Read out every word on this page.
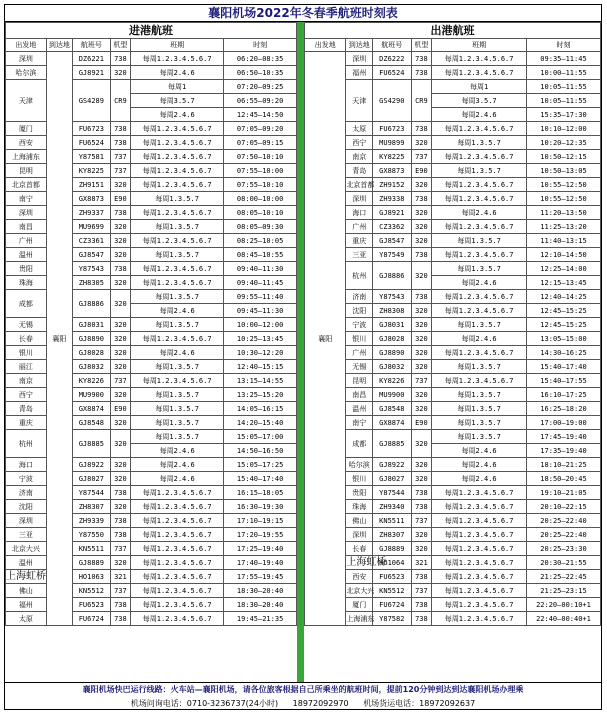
襄阳机场2022年冬春季航班时刻表
进港航班					
出发地	到达地	航班号	机型	班期	时刻
深圳	襄阳	DZ6221	738	每周1.2.3.4.5.6.7	06:20—08:35
哈尔滨		GJ8921	320	每周2.4.6	06:50—10:35
天津		GS4289	CR9	每周1	07:20—09:25
				每周3.5.7	06:55—09:20
				每周2.4.6	12:45—14:50
厦门		FU6723	738	每周1.2.3.4.5.6.7	07:05—09:20
西安		FU6524	738	每周1.2.3.4.5.6.7	07:05—09:15
上海浦东		Y87581	737	每周1.2.3.4.5.6.7	07:50—10:10
昆明		KY8225	737	每周1.2.3.4.5.6.7	07:55—10:00
北京首都		ZH9151	320	每周1.2.3.4.5.6.7	07:55—10:10
南宁		GX8873	E90	每周1.3.5.7	08:00—10:00
深圳		ZH9337	738	每周1.2.3.4.5.6.7	08:05—10:10
南昌		MU9699	320	每周1.3.5.7	08:05—09:30
广州		CZ3361	320	每周1.2.3.4.5.6.7	08:25—10:05
温州		GJ8547	320	每周1.3.5.7	08:45—10:55
贵阳		Y87543	738	每周1.2.3.4.5.6.7	09:40—11:30
珠海		ZH8305	320	每周1.2.3.4.5.6.7	09:40—11:45
成都		GJ8886	320	每周1.3.5.7	09:55—11:40
				每周2.4.6	09:45—11:30
无锡		GJ8031	320	每周1.3.5.7	10:00—12:00
长春		GJ8890	320	每周1.2.3.4.5.6.7	10:25—13:45
银川		GJ8028	320	每周2.4.6	10:30—12:20
丽江		GJ8032	320	每周1.3.5.7	12:40—15:15
南京		KY8226	737	每周1.2.3.4.5.6.7	13:15—14:55
西宁		MU9900	320	每周1.3.5.7	13:25—15:20
青岛		GX8874	E90	每周1.3.5.7	14:05—16:15
重庆		GJ8548	320	每周1.3.5.7	14:20—15:40
杭州		GJ8885	320	每周1.3.5.7	15:05—17:00
				每周2.4.6	14:50—16:50
海口		GJ8922	320	每周2.4.6	15:05—17:25
宁波		GJ8027	320	每周2.4.6	15:40—17:40
济南		Y87544	738	每周1.2.3.4.5.6.7	16:15—18:05
沈阳		ZH8307	320	每周1.2.3.4.5.6.7	16:30—19:30
深圳		ZH9339	738	每周1.2.3.4.5.6.7	17:10—19:15
三亚		Y87550	738	每周1.2.3.4.5.6.7	17:20—19:55
北京大兴		KN5511	737	每周1.2.3.4.5.6.7	17:25—19:40
温州		GJ8889	320	每周1.2.3.4.5.6.7	17:40—19:40
上海虹桥		HO1063	321	每周1.2.3.4.5.6.7	17:55—19:45
佛山		KN5512	737	每周1.2.3.4.5.6.7	18:30—20:40
福州		FU6523	738	每周1.2.3.4.5.6.7	18:30—20:40
太原		FU6724	738	每周1.2.3.4.5.6.7	19:45—21:35
出港航班					
出发地	到达地	航班号	机型	班期	时刻
襄阳	深圳	DZ6222	738	每周1.2.3.4.5.6.7	09:35—11:45
	福州	FU6524	738	每周1.2.3.4.5.6.7	10:00—11:55
	天津	GS4290	CR9	每周1	10:05—11:55
				每周3.5.7	10:05—11:55
				每周2.4.6	15:35—17:30
	太原	FU6723	738	每周1.2.3.4.5.6.7	10:10—12:00
	西宁	MU9899	320	每周1.3.5.7	10:20—12:35
	南京	KY8225	737	每周1.2.3.4.5.6.7	10:50—12:15
	青岛	GX8873	E90	每周1.3.5.7	10:50—13:05
	北京首都	ZH9152	320	每周1.2.3.4.5.6.7	10:55—12:50
	深圳	ZH9338	738	每周1.2.3.4.5.6.7	10:55—12:50
	海口	GJ8921	320	每周2.4.6	11:20—13:50
	广州	CZ3362	320	每周1.2.3.4.5.6.7	11:25—13:20
	重庆	GJ8547	320	每周1.3.5.7	11:40—13:15
	三亚	Y87549	738	每周1.2.3.4.5.6.7	12:10—14:50
	杭州	GJ8886	320	每周1.3.5.7	12:25—14:00
				每周2.4.6	12:15—13:45
	济南	Y87543	738	每周1.2.3.4.5.6.7	12:40—14:25
	沈阳	ZH8308	320	每周1.2.3.4.5.6.7	12:45—15:25
	宁波	GJ8031	320	每周1.3.5.7	12:45—15:25
	银川	GJ8028	320	每周2.4.6	13:05—15:00
	广州	GJ8890	320	每周1.2.3.4.5.6.7	14:30—16:25
	无锡	GJ8032	320	每周1.3.5.7	15:40—17:40
	昆明	KY8226	737	每周1.2.3.4.5.6.7	15:40—17:55
	南昌	MU9900	320	每周1.3.5.7	16:10—17:25
	温州	GJ8548	320	每周1.3.5.7	16:25—18:20
	南宁	GX8874	E90	每周1.3.5.7	17:00—19:00
	成都	GJ8885	320	每周1.3.5.7	17:45—19:40
				每周2.4.6	17:35—19:40
	哈尔滨	GJ8922	320	每周2.4.6	18:10—21:25
	银川	GJ8027	320	每周2.4.6	18:50—20:45
	贵阳	Y87544	738	每周1.2.3.4.5.6.7	19:10—21:05
	珠海	ZH9340	738	每周1.2.3.4.5.6.7	20:10—22:15
	佛山	KN5511	737	每周1.2.3.4.5.6.7	20:25—22:40
	深圳	ZH8307	320	每周1.2.3.4.5.6.7	20:25—22:40
	长春	GJ8889	320	每周1.2.3.4.5.6.7	20:25—23:30
	上海虹桥	HO1064	321	每周1.2.3.4.5.6.7	20:30—21:55
	西安	FU6523	738	每周1.2.3.4.5.6.7	21:25—22:45
	北京大兴	KN5512	737	每周1.2.3.4.5.6.7	21:25—23:15
	厦门	FU6724	738	每周1.2.3.4.5.6.7	22:20—00:10+1
	上海浦东	Y87582	738	每周1.2.3.4.5.6.7	22:40—00:40+1
襄阳机场快巴运行线路：火车站—襄阳机场，请各位旅客根据自己所乘坐的航班时间，提前120分钟到达到达襄阳机场办理乘
机场问询电话：0710-3236737(24小时) 18972092970 机场货运电话：18972092637
